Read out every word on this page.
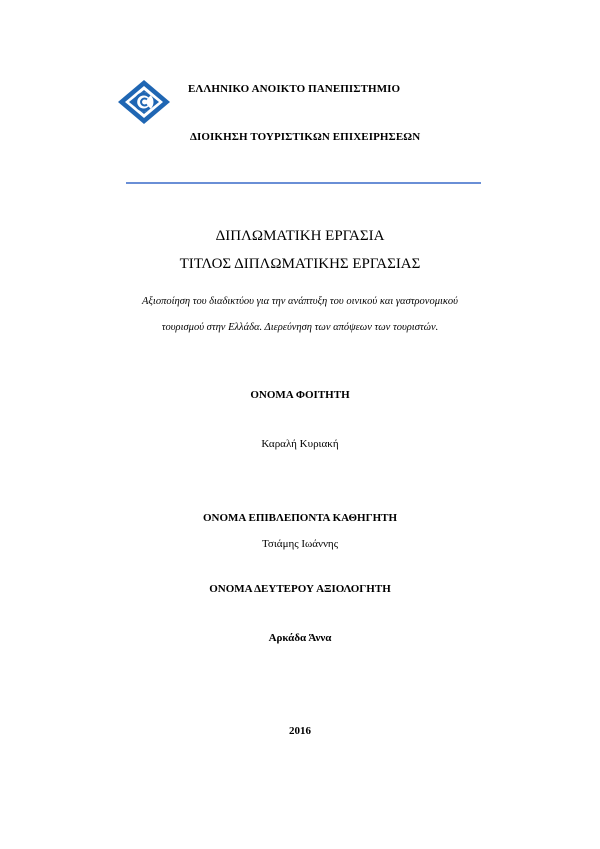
ΕΛΛΗΝΙΚΟ ΑΝΟΙΚΤΟ ΠΑΝΕΠΙΣΤΗΜΙΟ
ΔΙΟΙΚΗΣΗ ΤΟΥΡΙΣΤΙΚΩΝ ΕΠΙΧΕΙΡΗΣΕΩΝ
ΔΙΠΛΩΜΑΤΙΚΗ ΕΡΓΑΣΙΑ
ΤΙΤΛΟΣ ΔΙΠΛΩΜΑΤΙΚΗΣ ΕΡΓΑΣΙΑΣ
Αξιοποίηση του διαδικτύου για την ανάπτυξη του οινικού και γαστρονομικού
τουρισμού στην Ελλάδα. Διερεύνηση των απόψεων των τουριστών.
ΟΝΟΜΑ ΦΟΙΤΗΤΗ
Καραλή Κυριακή
ΟΝΟΜΑ ΕΠΙΒΛΕΠΟΝΤΑ ΚΑΘΗΓΗΤΗ
Τσιάμης Ιωάννης
ΟΝΟΜΑ ΔΕΥΤΕΡΟΥ ΑΞΙΟΛΟΓΗΤΗ
Αρκάδα Άννα
2016
